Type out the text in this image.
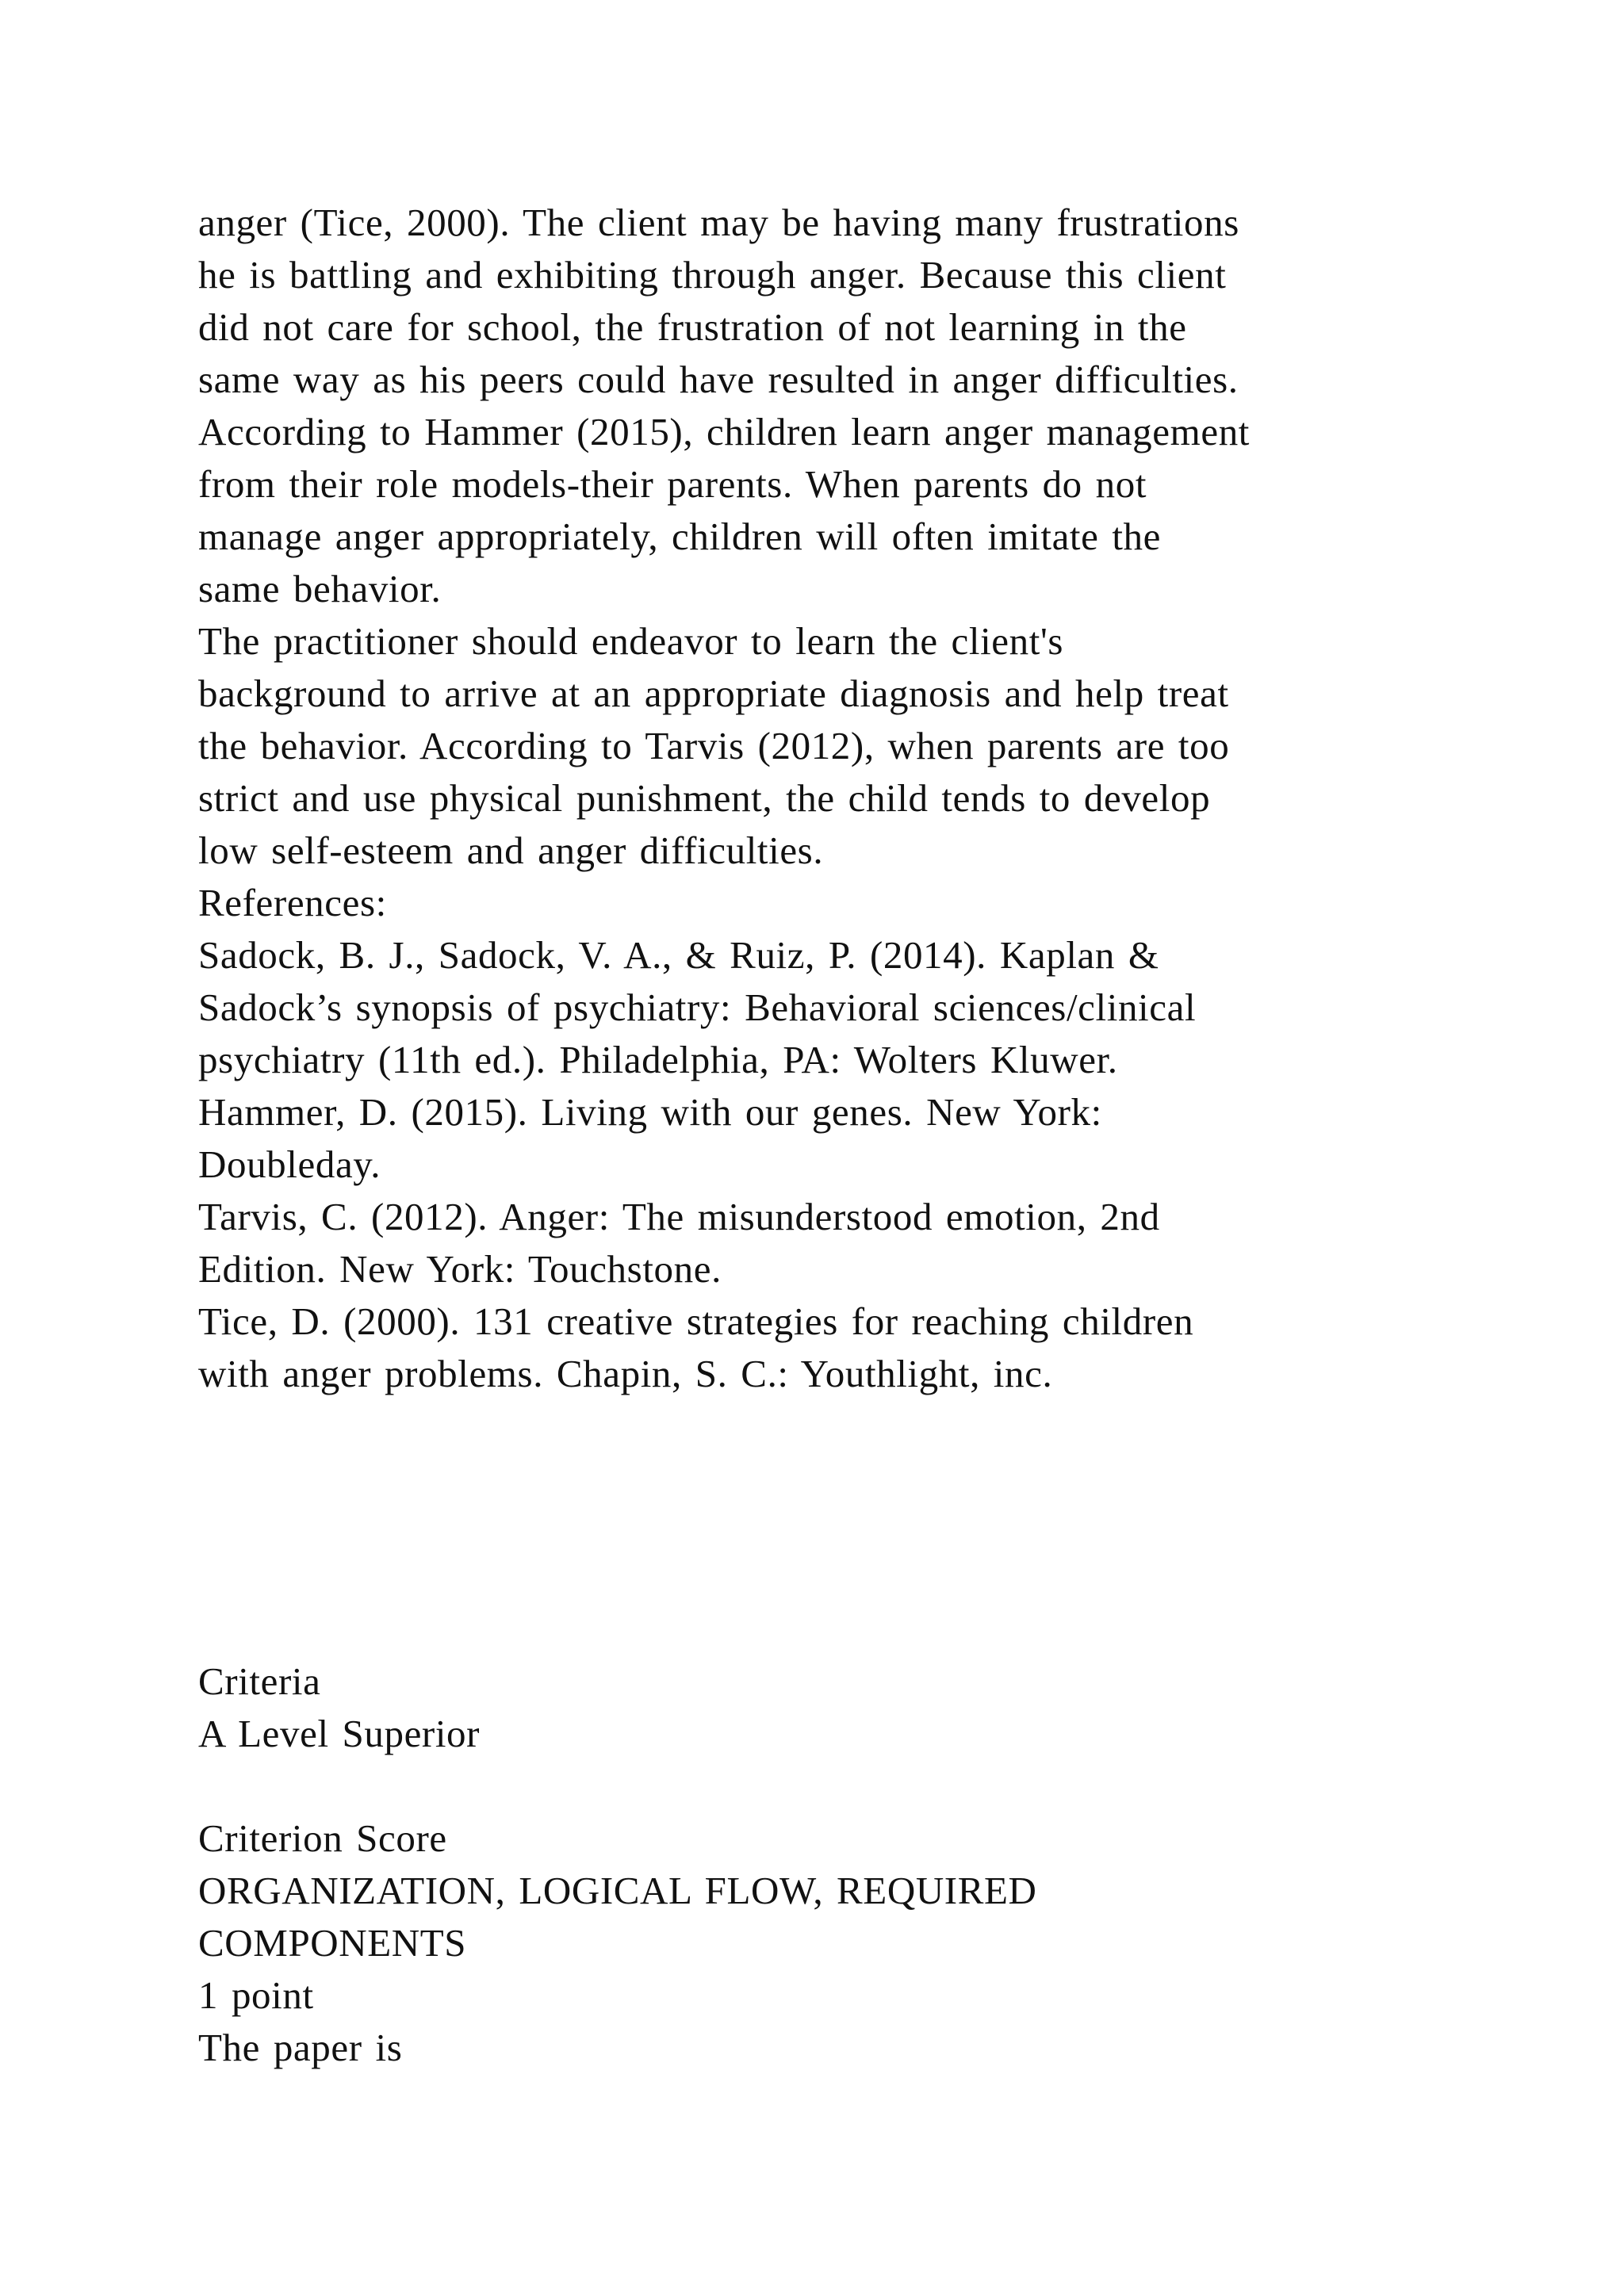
anger (Tice, 2000). The client may be having many frustrations
he is battling and exhibiting through anger. Because this client
did not care for school, the frustration of not learning in the
same way as his peers could have resulted in anger difficulties.
According to Hammer (2015), children learn anger management
from their role models-their parents. When parents do not
manage anger appropriately, children will often imitate the
same behavior.
The practitioner should endeavor to learn the client's
background to arrive at an appropriate diagnosis and help treat
the behavior. According to Tarvis (2012), when parents are too
strict and use physical punishment, the child tends to develop
low self-esteem and anger difficulties.
References:
Sadock, B. J., Sadock, V. A., & Ruiz, P. (2014). Kaplan &
Sadock’s synopsis of psychiatry: Behavioral sciences/clinical
psychiatry (11th ed.). Philadelphia, PA: Wolters Kluwer.
Hammer, D. (2015). Living with our genes. New York:
Doubleday.
Tarvis, C. (2012). Anger: The misunderstood emotion, 2nd
Edition. New York: Touchstone.
Tice, D. (2000). 131 creative strategies for reaching children
with anger problems. Chapin, S. C.: Youthlight, inc.
Criteria
A Level Superior
Criterion Score
ORGANIZATION, LOGICAL FLOW, REQUIRED
COMPONENTS
1 point
The paper is
